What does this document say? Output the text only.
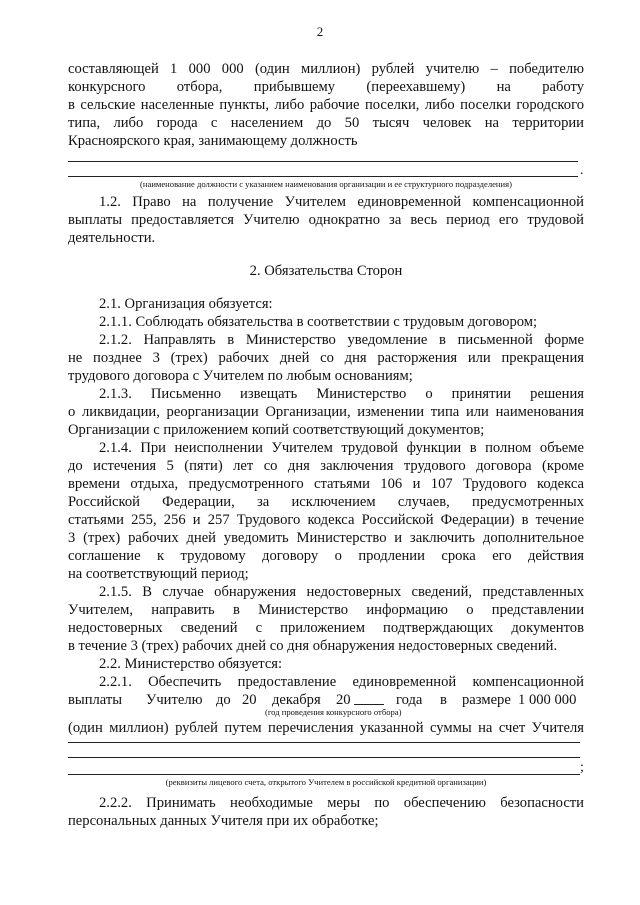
2
составляющей 1 000 000 (один миллион) рублей учителю – победителю
конкурсного отбора, прибывшему (переехавшему) на работу
в сельские населенные пункты, либо рабочие поселки, либо поселки городского
типа, либо города с населением до 50 тысяч человек на территории
Красноярского края, занимающему должность
.
(наименование должности с указанием наименования организации и ее структурного подразделения)
1.2. Право на получение Учителем единовременной компенсационной
выплаты предоставляется Учителю однократно за весь период его трудовой
деятельности.
2. Обязательства Сторон
2.1. Организация обязуется:
2.1.1. Соблюдать обязательства в соответствии с трудовым договором;
2.1.2. Направлять в Министерство уведомление в письменной форме
не позднее 3 (трех) рабочих дней со дня расторжения или прекращения
трудового договора с Учителем по любым основаниям;
2.1.3. Письменно извещать Министерство о принятии решения
о ликвидации, реорганизации Организации, изменении типа или наименования
Организации с приложением копий соответствующий документов;
2.1.4. При неисполнении Учителем трудовой функции в полном объеме
до истечения 5 (пяти) лет со дня заключения трудового договора (кроме
времени отдыха, предусмотренного статьями 106 и 107 Трудового кодекса
Российской Федерации, за исключением случаев, предусмотренных
статьями 255, 256 и 257 Трудового кодекса Российской Федерации) в течение
3 (трех) рабочих дней уведомить Министерство и заключить дополнительное
соглашение к трудовому договору о продлении срока его действия
на соответствующий период;
2.1.5. В случае обнаружения недостоверных сведений, представленных
Учителем, направить в Министерство информацию о представлении
недостоверных сведений с приложением подтверждающих документов
в течение 3 (трех) рабочих дней со дня обнаружения недостоверных сведений.
2.2. Министерство обязуется:
2.2.1. Обеспечить предоставление единовременной компенсационной
выплаты Учителю до 20 декабря 20	года в размере 1 000 000
(год проведения конкурсного отбора)
(один миллион) рублей путем перечисления указанной суммы на счет Учителя
;
(реквизиты лицевого счета, открытого Учителем в российской кредитной организации)
2.2.2. Принимать необходимые меры по обеспечению безопасности
персональных данных Учителя при их обработке;
